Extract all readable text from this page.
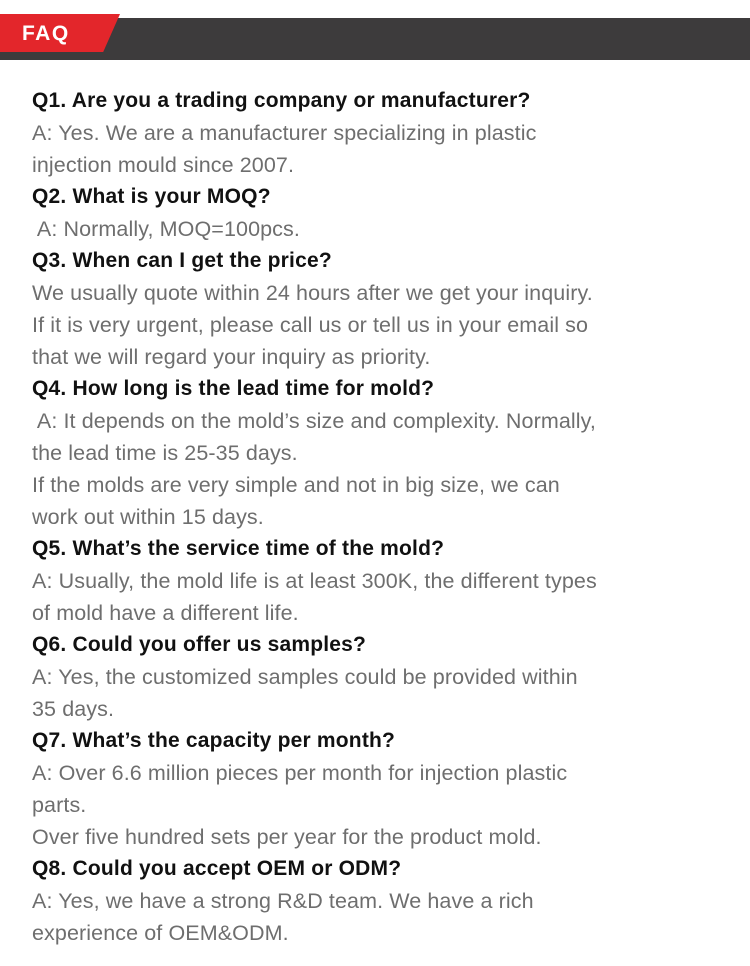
FAQ
Q1. Are you a trading company or manufacturer?
A: Yes. We are a manufacturer specializing in plastic
injection mould since 2007.
Q2. What is your MOQ?
A: Normally, MOQ=100pcs.
Q3. When can I get the price?
We usually quote within 24 hours after we get your inquiry.
If it is very urgent, please call us or tell us in your email so
that we will regard your inquiry as priority.
Q4. How long is the lead time for mold?
A: It depends on the mold’s size and complexity. Normally,
the lead time is 25-35 days.
If the molds are very simple and not in big size, we can
work out within 15 days.
Q5. What’s the service time of the mold?
A: Usually, the mold life is at least 300K, the different types
of mold have a different life.
Q6. Could you offer us samples?
A: Yes, the customized samples could be provided within
35 days.
Q7. What’s the capacity per month?
A: Over 6.6 million pieces per month for injection plastic
parts.
Over five hundred sets per year for the product mold.
Q8. Could you accept OEM or ODM?
A: Yes, we have a strong R&D team. We have a rich
experience of OEM&ODM.
